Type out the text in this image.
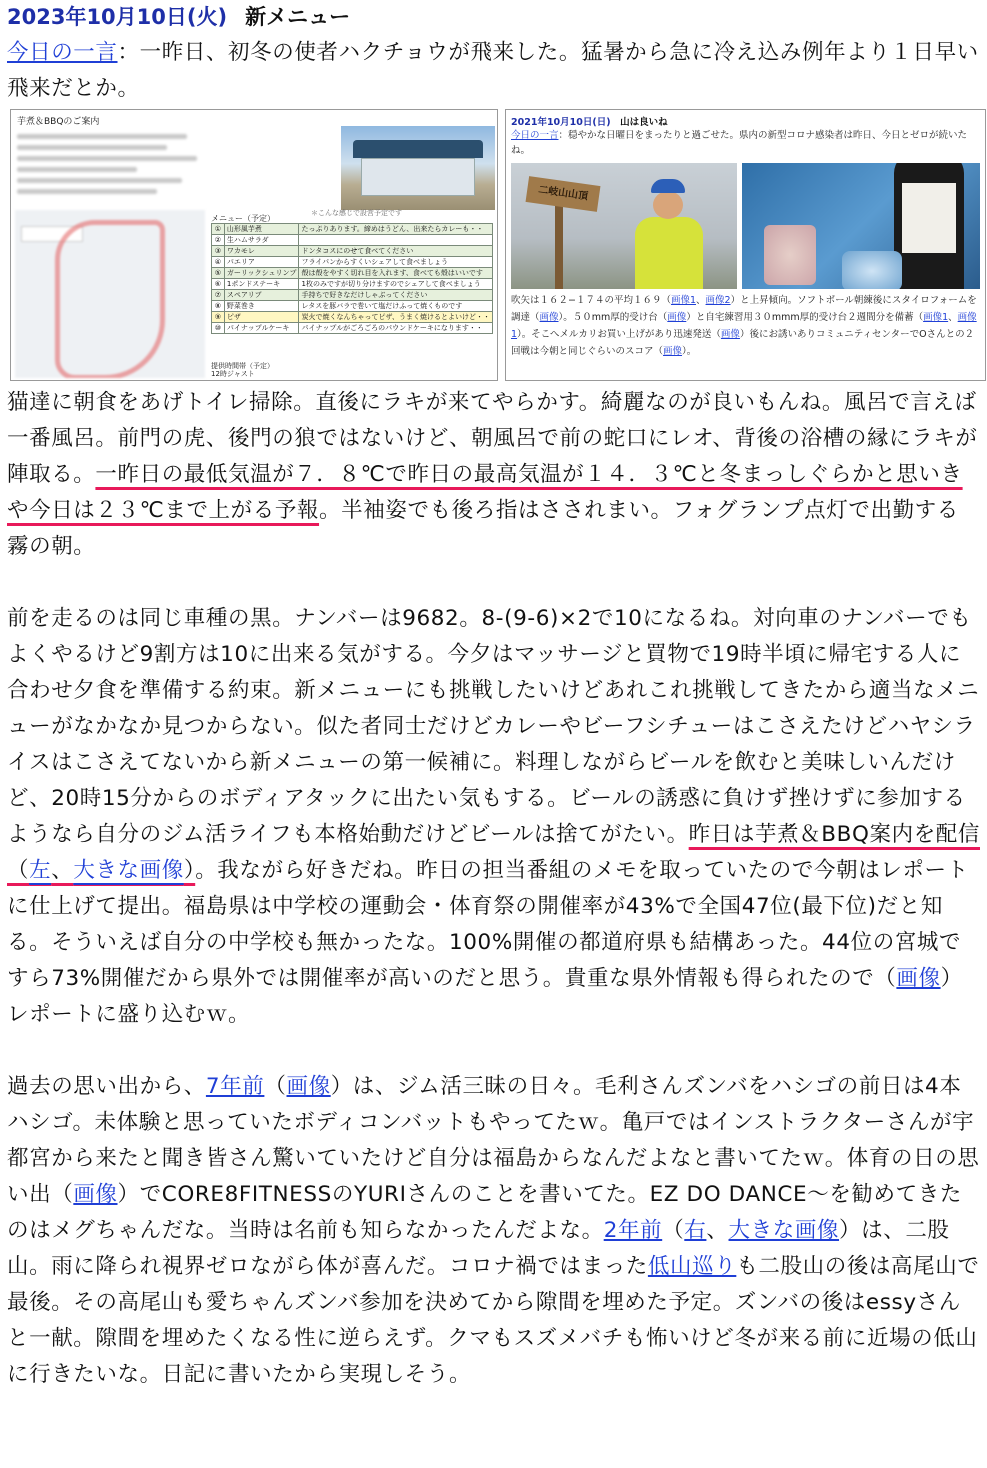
2023年10月10日(火) 新メニュー

今日の一言：一昨日、初冬の使者ハクチョウが飛来した。猛暑から急に冷え込み例年より１日早い飛来だとか。

芋煮＆BBQのご案内
＊こんな感じで設営予定です
メニュー（予定）
①	山形風芋煮	たっぷりあります。締めはうどん、出来たらカレーも・・
②	生ハムサラダ	
③	ワカモレ	ドンタコスにのせて食べてください
④	パエリア	フライパンからすくいシェアして食べましょう
⑤	ガーリックシュリンプ	殻は殻をやすく切れ目を入れます、食べても殻はいいです
⑥	1ポンドステーキ	1枚のみですが切り分けますのでシェアして食べましょう
⑦	スペアリブ	手持ちで好きなだけしゃぶってください
⑧	野菜巻き	レタスを豚バラで巻いて塩だけふって焼くものです
⑨	ピザ	炭火で焼くなんちゃってピザ、うまく焼けるとよいけど・・
⑩	パイナップルケーキ	パイナップルがごろごろのパウンドケーキになります・・
提供時間帯（予定）
12時ジャスト
2021年10月10日(日)　 山は良いね
今日の一言：穏やかな日曜日をまったりと過ごせた。県内の新型コロナ感染者は昨日、今日とゼロが続いたね。
二岐山山頂
吹矢は１６２−１７４の平均１６９（画像1、画像2）と上昇傾向。ソフトボール朝練後にスタイロフォームを調達（画像）。５０mm厚的受け台（画像）と自宅練習用３０mmm厚的受け台２週間分を備蓄（画像1、画像1）。そこへメルカリお買い上げがあり迅速発送（画像）後にお誘いありコミュニティセンターでOさんとの２回戦は今朝と同じぐらいのスコア（画像）。

猫達に朝食をあげトイレ掃除。直後にラキが来てやらかす。綺麗なのが良いもんね。風呂で言えば一番風呂。前門の虎、後門の狼ではないけど、朝風呂で前の蛇口にレオ、背後の浴槽の縁にラキが陣取る。一昨日の最低気温が７．８℃で昨日の最高気温が１４．３℃と冬まっしぐらかと思いきや今日は２３℃まで上がる予報。半袖姿でも後ろ指はさされまい。フォグランプ点灯で出勤する霧の朝。

前を走るのは同じ車種の黒。ナンバーは9682。8-(9-6)×2で10になるね。対向車のナンバーでもよくやるけど9割方は10に出来る気がする。今夕はマッサージと買物で19時半頃に帰宅する人に合わせ夕食を準備する約束。新メニューにも挑戦したいけどあれこれ挑戦してきたから適当なメニューがなかなか見つからない。似た者同士だけどカレーやビーフシチューはこさえたけどハヤシライスはこさえてないから新メニューの第一候補に。料理しながらビールを飲むと美味しいんだけど、20時15分からのボディアタックに出たい気もする。ビールの誘惑に負けず挫けずに参加するようなら自分のジム活ライフも本格始動だけどビールは捨てがたい。昨日は芋煮＆BBQ案内を配信（左、大きな画像）。我ながら好きだね。昨日の担当番組のメモを取っていたので今朝はレポートに仕上げて提出。福島県は中学校の運動会・体育祭の開催率が43%で全国47位(最下位)だと知る。そういえば自分の中学校も無かったな。100%開催の都道府県も結構あった。44位の宮城ですら73%開催だから県外では開催率が高いのだと思う。貴重な県外情報も得られたので（画像）レポートに盛り込むｗ。

過去の思い出から、7年前（画像）は、ジム活三昧の日々。毛利さんズンバをハシゴの前日は4本ハシゴ。未体験と思っていたボディコンバットもやってたｗ。亀戸ではインストラクターさんが宇都宮から来たと聞き皆さん驚いていたけど自分は福島からなんだよなと書いてたｗ。体育の日の思い出（画像）でCORE8FITNESSのYURIさんのことを書いてた。EZ DO DANCE〜を勧めてきたのはメグちゃんだな。当時は名前も知らなかったんだよな。2年前（右、大きな画像）は、二股山。雨に降られ視界ゼロながら体が喜んだ。コロナ禍ではまった低山巡りも二股山の後は高尾山で最後。その高尾山も愛ちゃんズンバ参加を決めてから隙間を埋めた予定。ズンバの後はessyさんと一献。隙間を埋めたくなる性に逆らえず。クマもスズメバチも怖いけど冬が来る前に近場の低山に行きたいな。日記に書いたから実現しそう。
